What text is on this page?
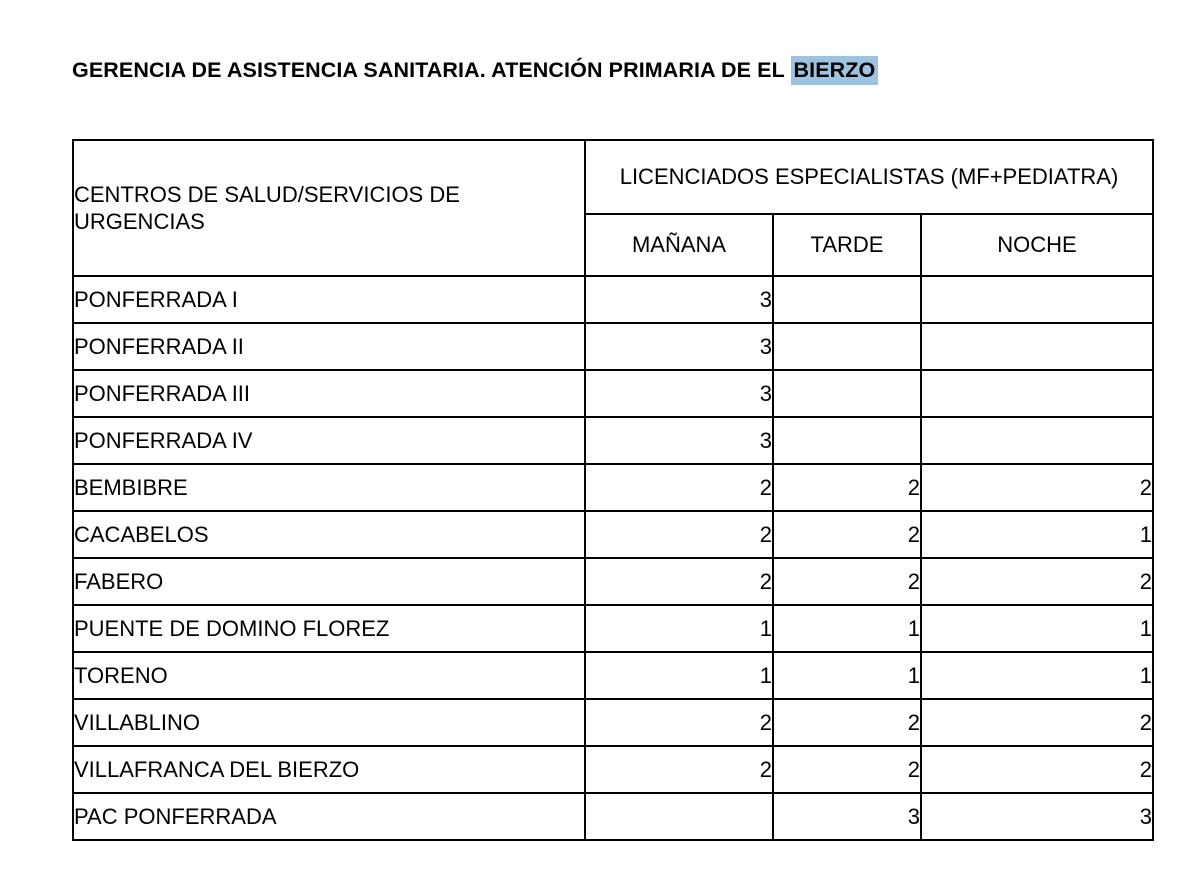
GERENCIA DE ASISTENCIA SANITARIA. ATENCIÓN PRIMARIA DE EL BIERZO
CENTROS DE SALUD/SERVICIOS DE URGENCIAS	LICENCIADOS ESPECIALISTAS (MF+PEDIATRA)		
	MAÑANA	TARDE	NOCHE
PONFERRADA I	3		
PONFERRADA II	3		
PONFERRADA III	3		
PONFERRADA IV	3		
BEMBIBRE	2	2	2
CACABELOS	2	2	1
FABERO	2	2	2
PUENTE DE DOMINO FLOREZ	1	1	1
TORENO	1	1	1
VILLABLINO	2	2	2
VILLAFRANCA DEL BIERZO	2	2	2
PAC PONFERRADA		3	3
